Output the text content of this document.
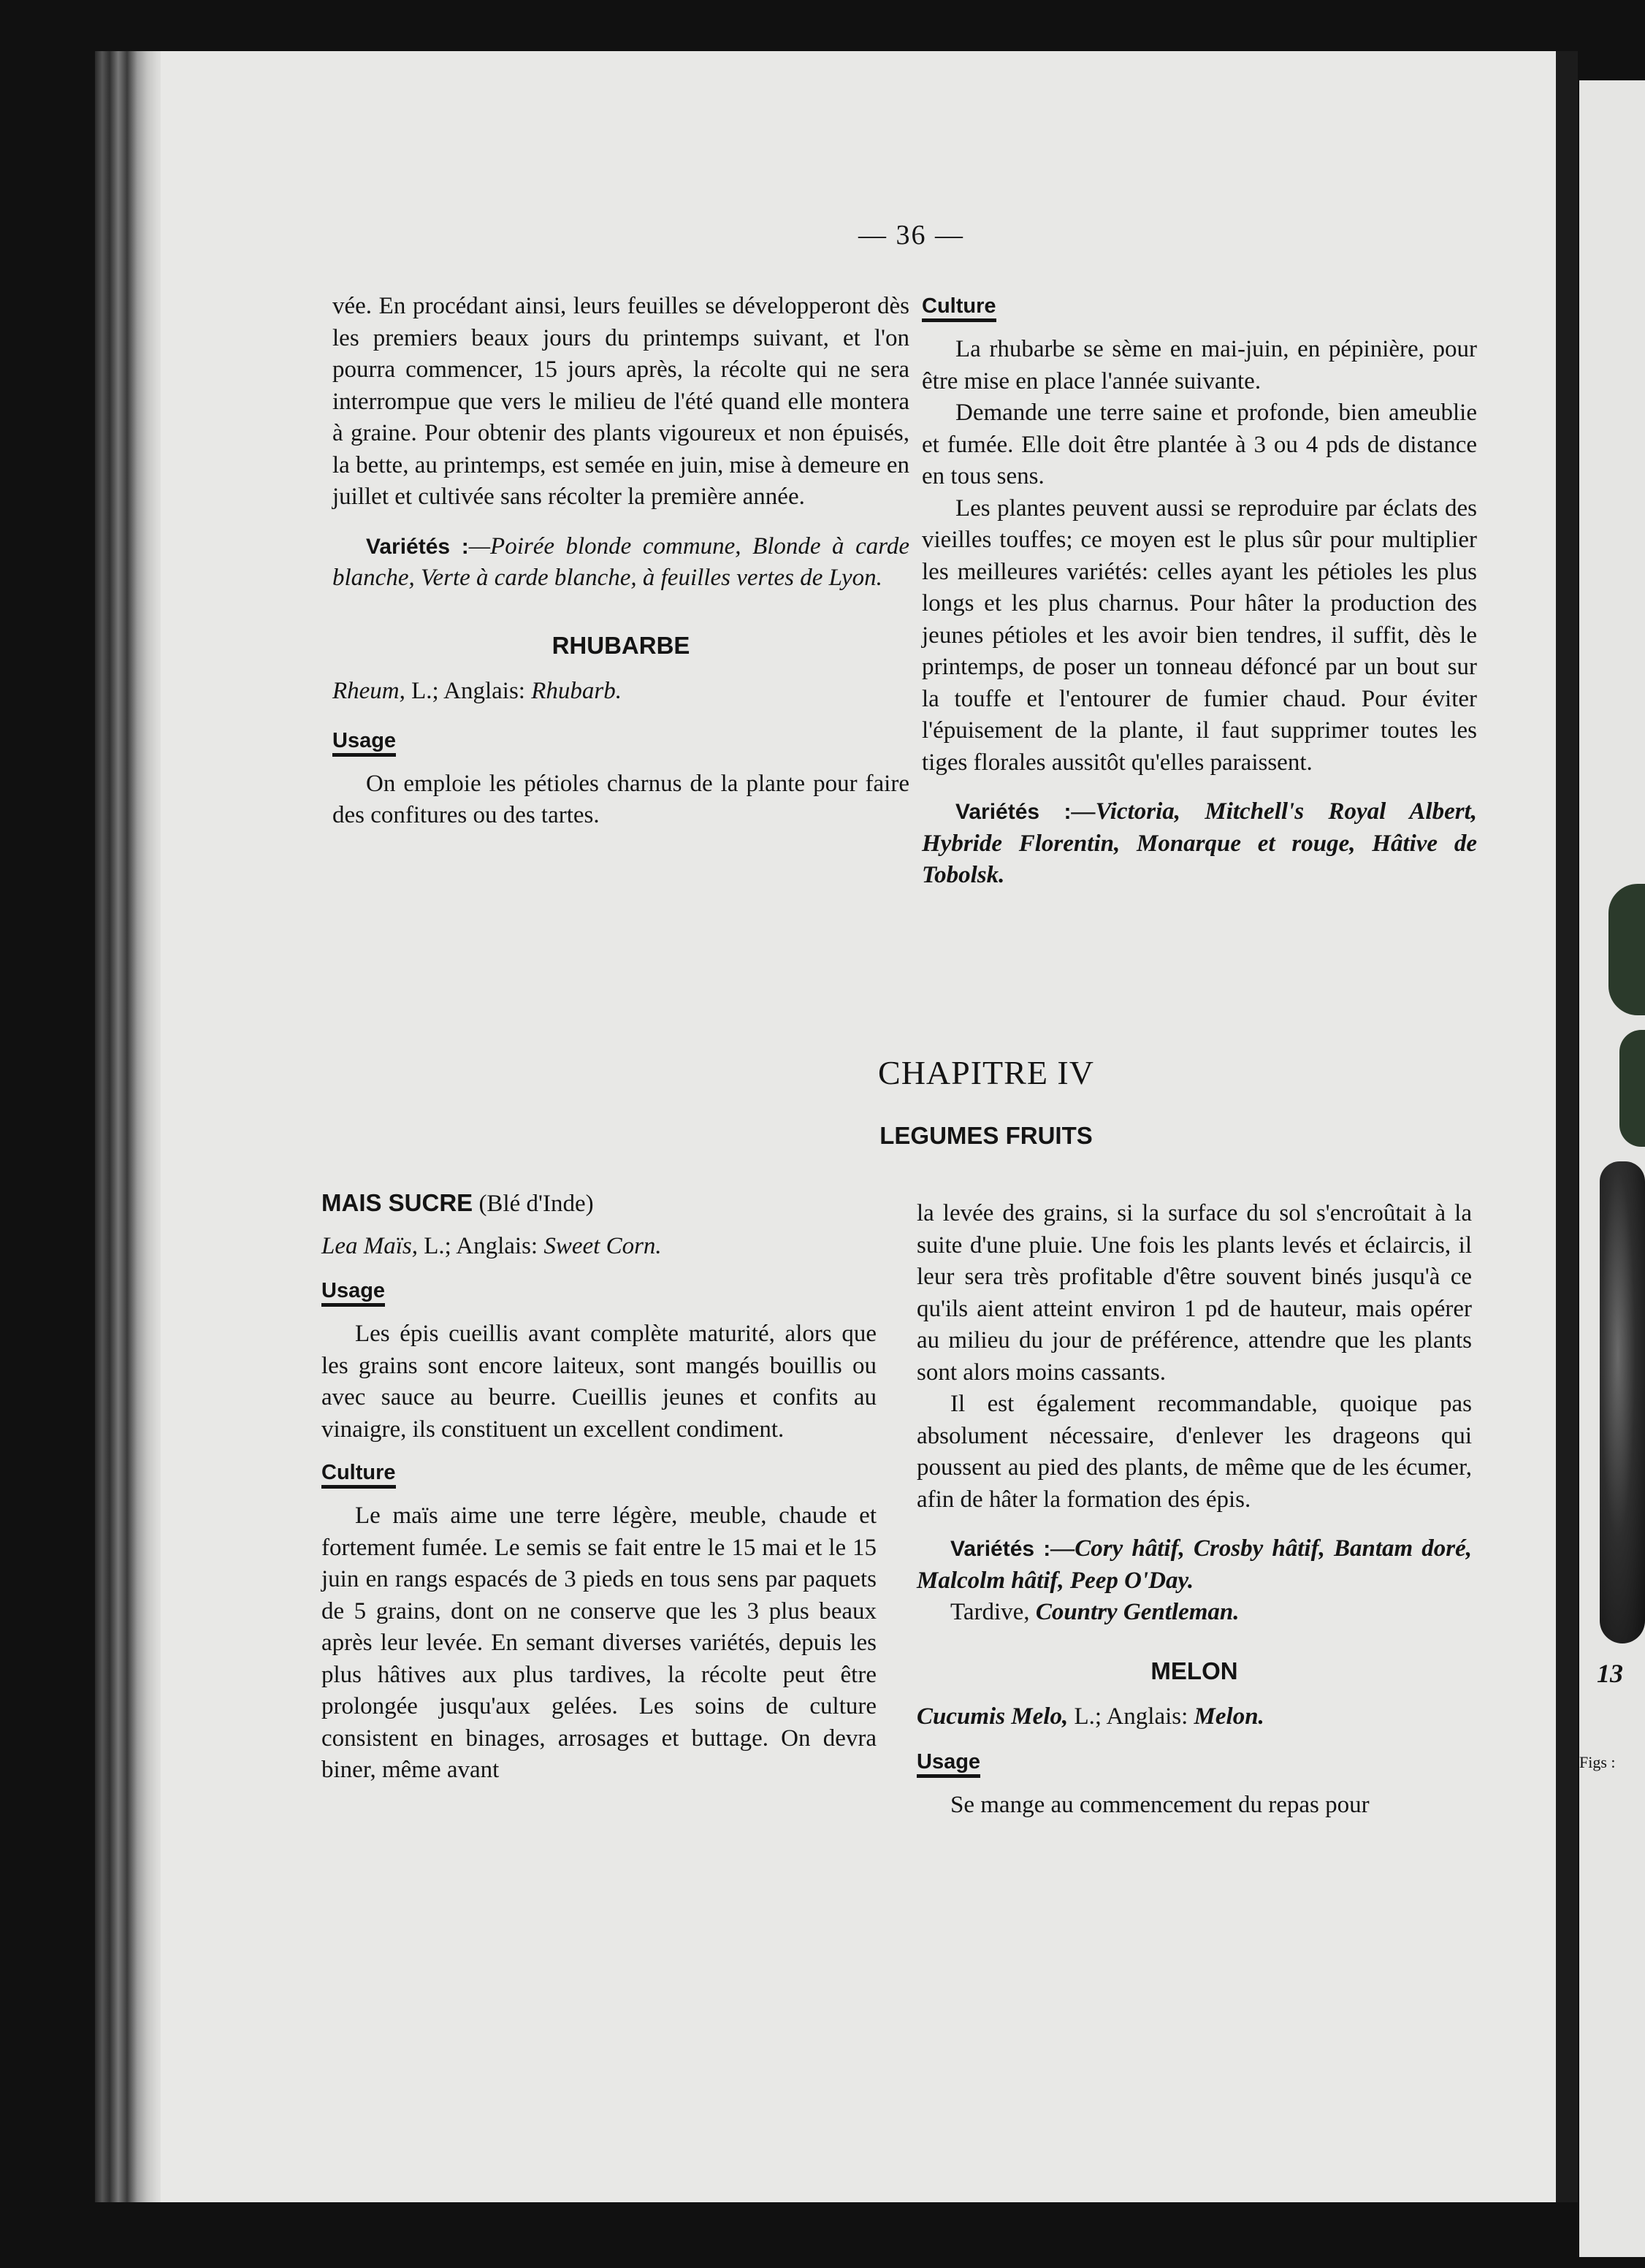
13
Figs :
— 36 —

vée. En procédant ainsi, leurs feuilles se développeront dès les premiers beaux jours du printemps suivant, et l'on pourra commencer, 15 jours après, la récolte qui ne sera interrompue que vers le milieu de l'été quand elle montera à graine. Pour obtenir des plants vigoureux et non épuisés, la bette, au printemps, est semée en juin, mise à demeure en juillet et cultivée sans récolter la première année.

Variétés :—Poirée blonde commune, Blonde à carde blanche, Verte à carde blanche, à feuilles vertes de Lyon.

RHUBARBE

Rheum, L.; Anglais: Rhubarb.

Usage

On emploie les pétioles charnus de la plante pour faire des confitures ou des tartes.

Culture

La rhubarbe se sème en mai-juin, en pépinière, pour être mise en place l'année suivante.

Demande une terre saine et profonde, bien ameublie et fumée. Elle doit être plantée à 3 ou 4 pds de distance en tous sens.

Les plantes peuvent aussi se reproduire par éclats des vieilles touffes; ce moyen est le plus sûr pour multiplier les meilleures variétés: celles ayant les pétioles les plus longs et les plus charnus. Pour hâter la production des jeunes pétioles et les avoir bien tendres, il suffit, dès le printemps, de poser un tonneau défoncé par un bout sur la touffe et l'entourer de fumier chaud. Pour éviter l'épuisement de la plante, il faut supprimer toutes les tiges florales aussitôt qu'elles paraissent.

Variétés :—Victoria, Mitchell's Royal Albert, Hybride Florentin, Monarque et rouge, Hâtive de Tobolsk.

CHAPITRE IV
LEGUMES FRUITS

MAIS SUCRE (Blé d'Inde)

Lea Maïs, L.; Anglais: Sweet Corn.

Usage

Les épis cueillis avant complète maturité, alors que les grains sont encore laiteux, sont mangés bouillis ou avec sauce au beurre. Cueillis jeunes et confits au vinaigre, ils constituent un excellent condiment.

Culture

Le maïs aime une terre légère, meuble, chaude et fortement fumée. Le semis se fait entre le 15 mai et le 15 juin en rangs espacés de 3 pieds en tous sens par paquets de 5 grains, dont on ne conserve que les 3 plus beaux après leur levée. En semant diverses variétés, depuis les plus hâtives aux plus tardives, la récolte peut être prolongée jusqu'aux gelées. Les soins de culture consistent en binages, arrosages et buttage. On devra biner, même avant

la levée des grains, si la surface du sol s'encroûtait à la suite d'une pluie. Une fois les plants levés et éclaircis, il leur sera très profitable d'être souvent binés jusqu'à ce qu'ils aient atteint environ 1 pd de hauteur, mais opérer au milieu du jour de préférence, attendre que les plants sont alors moins cassants.

Il est également recommandable, quoique pas absolument nécessaire, d'enlever les drageons qui poussent au pied des plants, de même que de les écumer, afin de hâter la formation des épis.

Variétés :—Cory hâtif, Crosby hâtif, Bantam doré, Malcolm hâtif, Peep O'Day.

Tardive, Country Gentleman.

MELON

Cucumis Melo, L.; Anglais: Melon.

Usage

Se mange au commencement du repas pour
